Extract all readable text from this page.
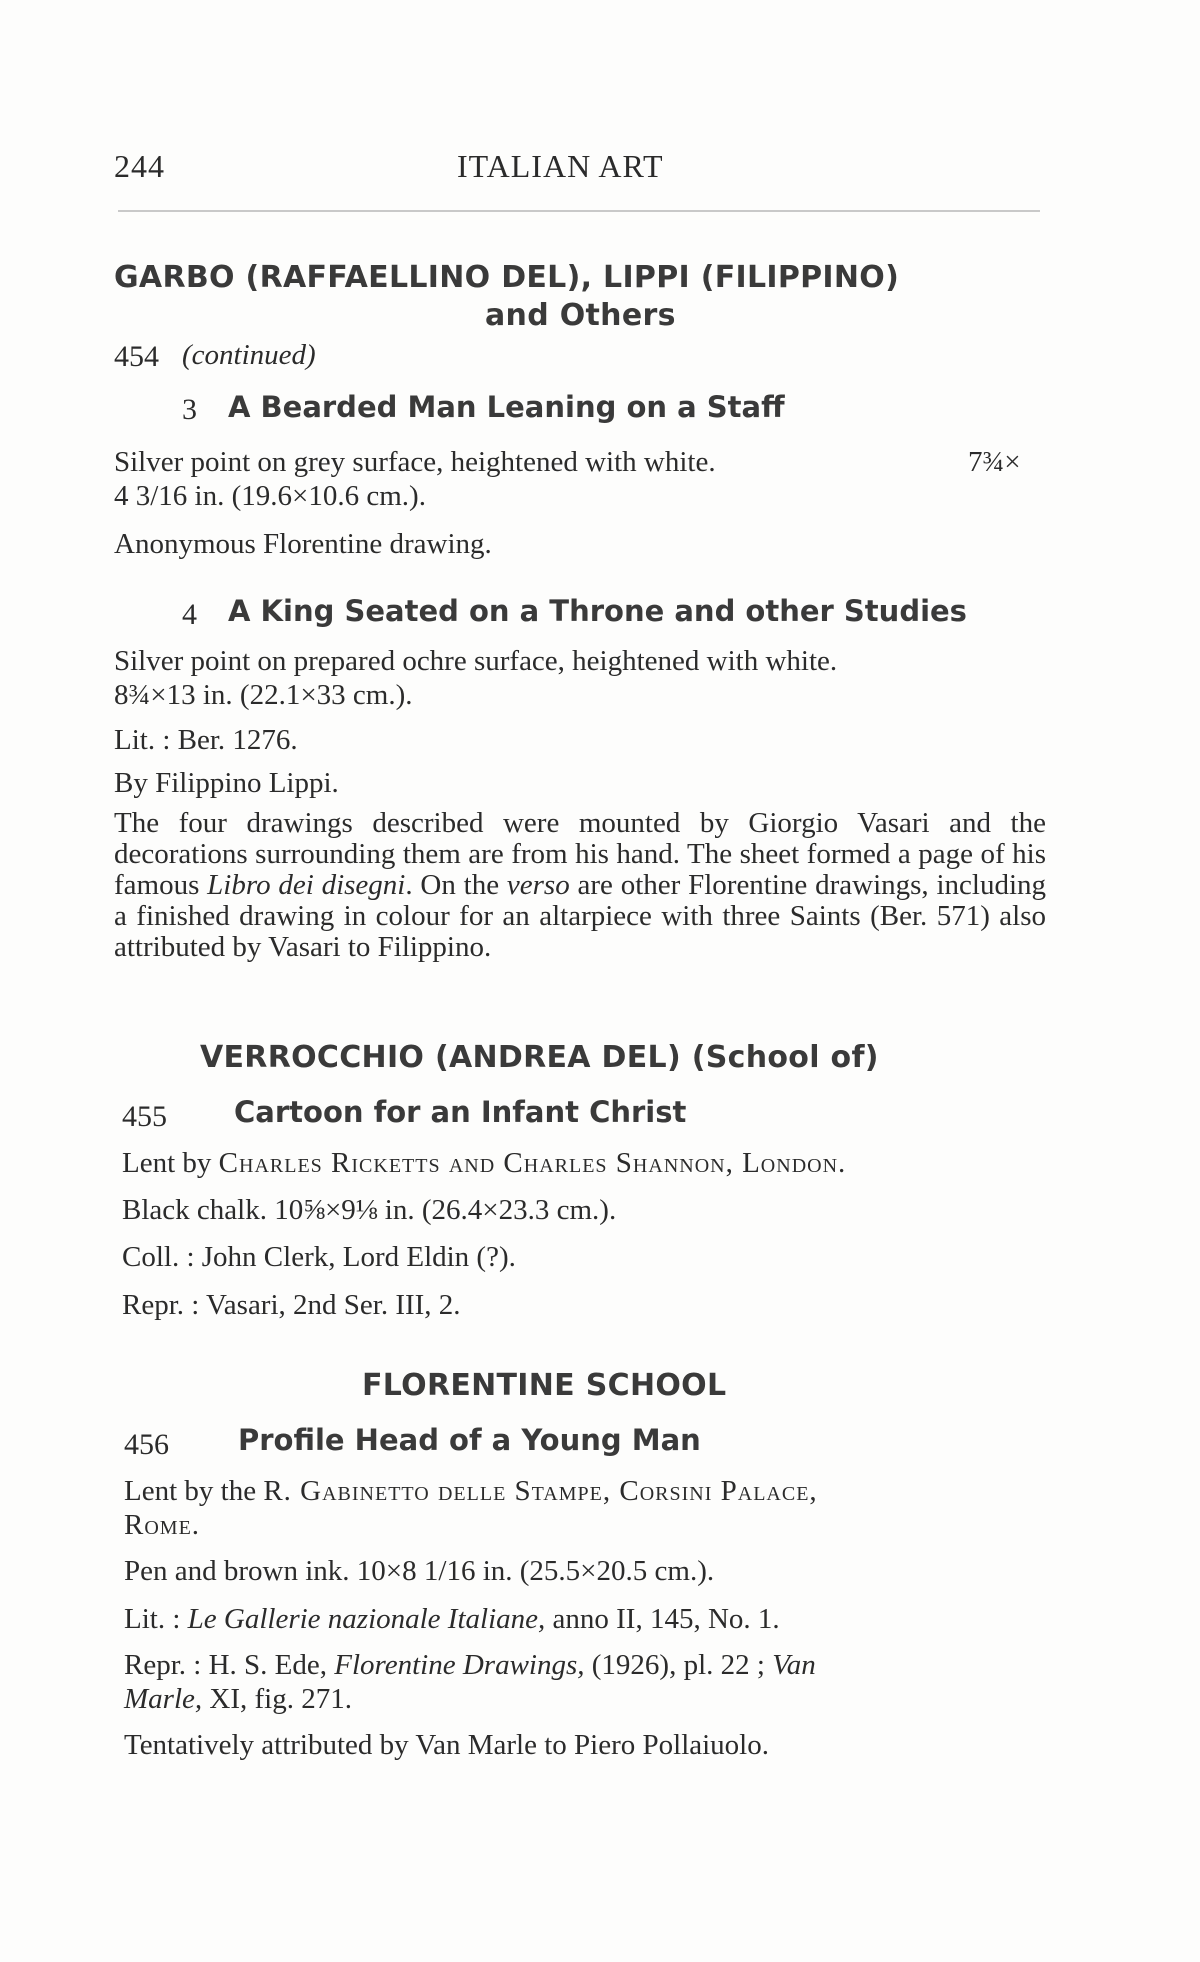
244	ITALIAN ART
GARBO (RAFFAELLINO DEL), LIPPI (FILIPPINO)
and Others
454 (continued)
3 A Bearded Man Leaning on a Staff
Silver point on grey surface, heightened with white.	7¾×
4 3/16 in. (19.6×10.6 cm.).
Anonymous Florentine drawing.
4 A King Seated on a Throne and other Studies
Silver point on prepared ochre surface, heightened with white.
8¾×13 in. (22.1×33 cm.).
Lit. : Ber. 1276.
By Filippino Lippi.
The four drawings described were mounted by Giorgio Vasari and the decorations surrounding them are from his hand. The sheet formed a page of his famous Libro dei disegni. On the verso are other Florentine drawings, including a finished drawing in colour for an altarpiece with three Saints (Ber. 571) also attributed by Vasari to Filippino.
VERROCCHIO (ANDREA DEL) (School of)
455 Cartoon for an Infant Christ
Lent by Charles Ricketts and Charles Shannon, London.
Black chalk. 10⅝×9⅛ in. (26.4×23.3 cm.).
Coll. : John Clerk, Lord Eldin (?).
Repr. : Vasari, 2nd Ser. III, 2.
FLORENTINE SCHOOL
456 Profile Head of a Young Man
Lent by the R. Gabinetto delle Stampe, Corsini Palace,
Rome.
Pen and brown ink. 10×8 1/16 in. (25.5×20.5 cm.).
Lit. : Le Gallerie nazionale Italiane, anno II, 145, No. 1.
Repr. : H. S. Ede, Florentine Drawings, (1926), pl. 22 ; Van
Marle, XI, fig. 271.
Tentatively attributed by Van Marle to Piero Pollaiuolo.
